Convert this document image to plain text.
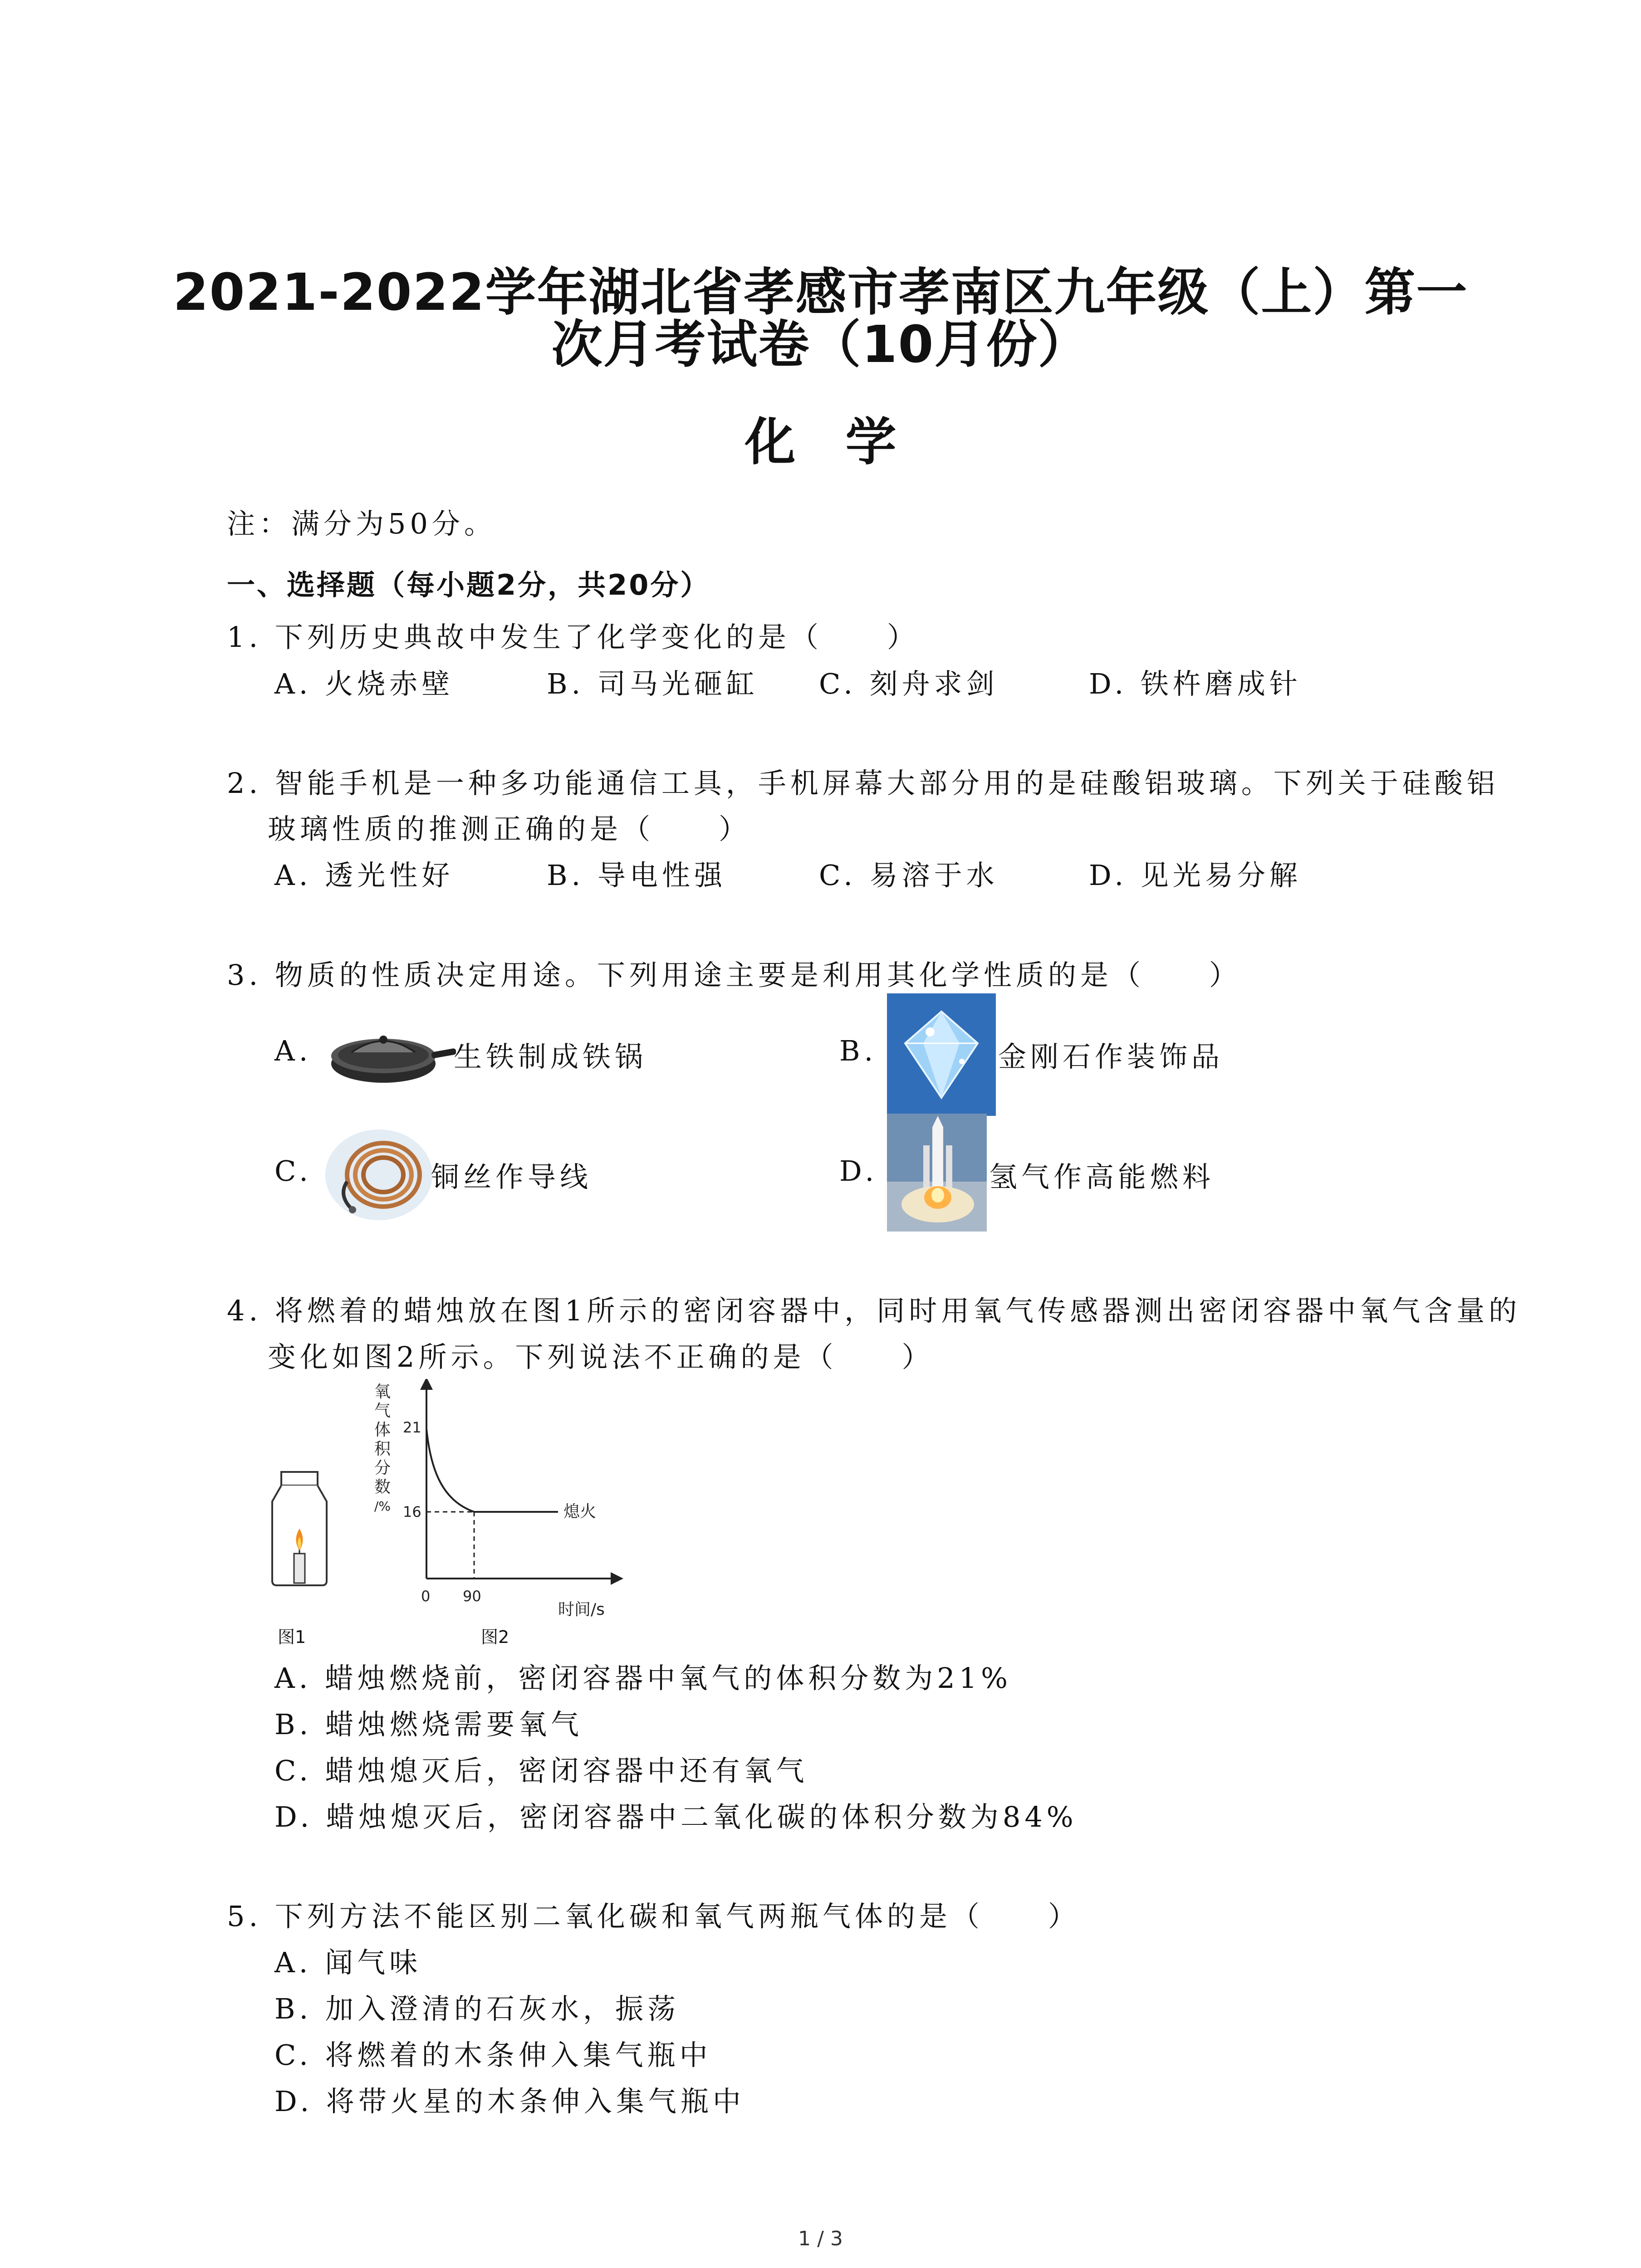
2021-2022学年湖北省孝感市孝南区九年级（上）第一
次月考试卷（10月份）
化学
注：满分为50分。
一、选择题（每小题2分，共20分）
1. 下列历史典故中发生了化学变化的是（　　）
A. 火烧赤壁	B. 司马光砸缸 C. 刻舟求剑	D. 铁杵磨成针
2. 智能手机是一种多功能通信工具，手机屏幕大部分用的是硅酸铝玻璃。下列关于硅酸铝
玻璃性质的推测正确的是（　　）
A. 透光性好	B. 导电性强	C. 易溶于水	D. 见光易分解
3. 物质的性质决定用途。下列用途主要是利用其化学性质的是（　　）
A.	生铁制成铁锅	B.	金刚石作装饰品
C.	铜丝作导线	D.	氢气作高能燃料
4. 将燃着的蜡烛放在图1所示的密闭容器中，同时用氧气传感器测出密闭容器中氧气含量的
变化如图2所示。下列说法不正确的是（　　）
图1
氧 气 体 积 分 数 /%
21
16
0 90
熄火
时间/s
图2
A. 蜡烛燃烧前，密闭容器中氧气的体积分数为21%
B. 蜡烛燃烧需要氧气
C. 蜡烛熄灭后，密闭容器中还有氧气
D. 蜡烛熄灭后，密闭容器中二氧化碳的体积分数为84%
5. 下列方法不能区别二氧化碳和氧气两瓶气体的是（　　）
A. 闻气味
B. 加入澄清的石灰水，振荡
C. 将燃着的木条伸入集气瓶中
D. 将带火星的木条伸入集气瓶中
1 / 3
